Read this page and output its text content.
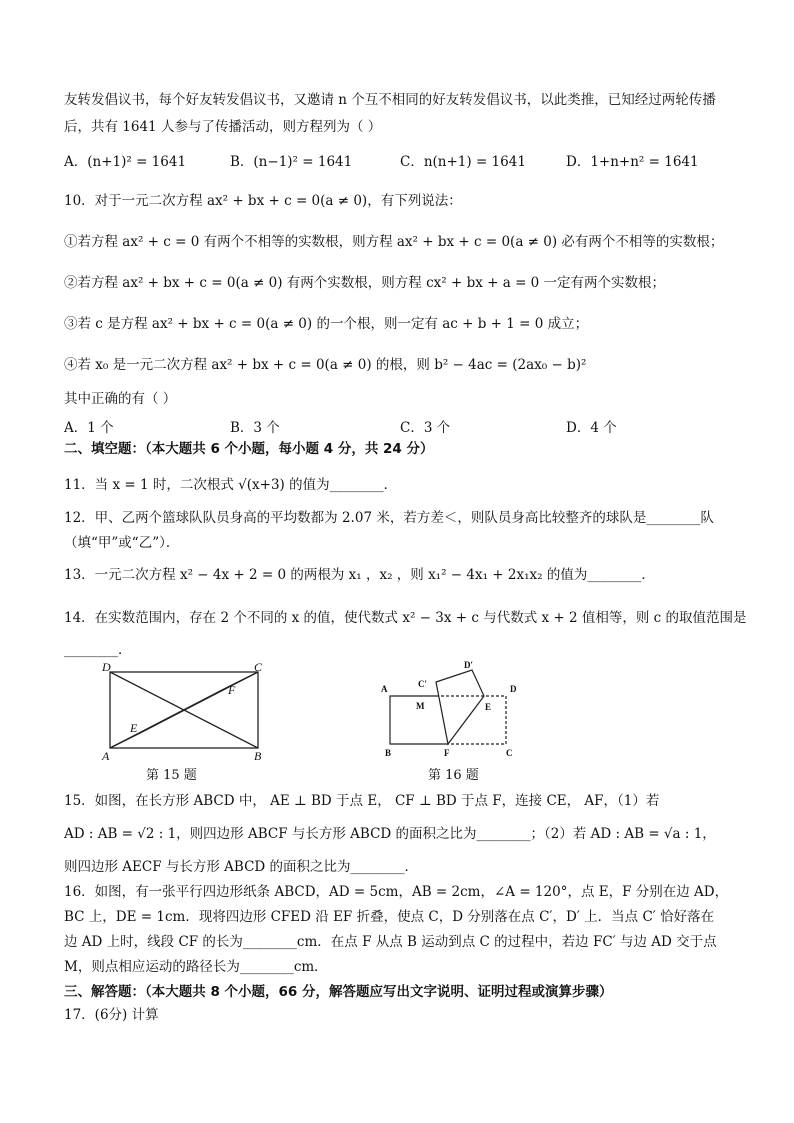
友转发倡议书，每个好友转发倡议书，又邀请 n 个互不相同的好友转发倡议书，以此类推，已知经过两轮传播
后，共有 1641 人参与了传播活动，则方程列为（ ）
A．(n+1)² = 1641	B．(n−1)² = 1641	C．n(n+1) = 1641	D．1+n+n² = 1641
10．对于一元二次方程 ax² + bx + c = 0(a ≠ 0)，有下列说法：
①若方程 ax² + c = 0 有两个不相等的实数根，则方程 ax² + bx + c = 0(a ≠ 0) 必有两个不相等的实数根；
②若方程 ax² + bx + c = 0(a ≠ 0) 有两个实数根，则方程 cx² + bx + a = 0 一定有两个实数根；
③若 c 是方程 ax² + bx + c = 0(a ≠ 0) 的一个根，则一定有 ac + b + 1 = 0 成立；
④若 x₀ 是一元二次方程 ax² + bx + c = 0(a ≠ 0) 的根，则 b² − 4ac = (2ax₀ − b)²
其中正确的有（ ）
A．1 个	B．3 个	C．3 个	D．4 个
二、填空题：（本大题共 6 个小题，每小题 4 分，共 24 分）
11．当 x = 1 时，二次根式 √(x+3) 的值为________．
12．甲、乙两个篮球队队员身高的平均数都为 2.07 米，若方差＜，则队员身高比较整齐的球队是________队
（填“甲”或“乙”）．
13．一元二次方程 x² − 4x + 2 = 0 的两根为 x₁ ，x₂ ，则 x₁² − 4x₁ + 2x₁x₂ 的值为________．
14．在实数范围内，存在 2 个不同的 x 的值，使代数式 x² − 3x + c 与代数式 x + 2 值相等，则 c 的取值范围是
________．
D	C
F
E
A	B
第 15 题
D′
A	C′	D
M	E
B	F	C
第 16 题
15．如图，在长方形 ABCD 中， AE ⊥ BD 于点 E， CF ⊥ BD 于点 F，连接 CE， AF，（1）若
AD : AB = √2 : 1，则四边形 ABCF 与长方形 ABCD 的面积之比为________；（2）若 AD : AB = √a : 1，
则四边形 AECF 与长方形 ABCD 的面积之比为________．
16．如图，有一张平行四边形纸条 ABCD，AD = 5cm，AB = 2cm，∠A = 120°，点 E，F 分别在边 AD，
BC 上，DE = 1cm．现将四边形 CFED 沿 EF 折叠，使点 C，D 分别落在点 C′，D′ 上．当点 C′ 恰好落在
边 AD 上时，线段 CF 的长为________cm．在点 F 从点 B 运动到点 C 的过程中，若边 FC′ 与边 AD 交于点
M，则点相应运动的路径长为________cm．
三、解答题：（本大题共 8 个小题，66 分，解答题应写出文字说明、证明过程或演算步骤）
17．(6分) 计算
